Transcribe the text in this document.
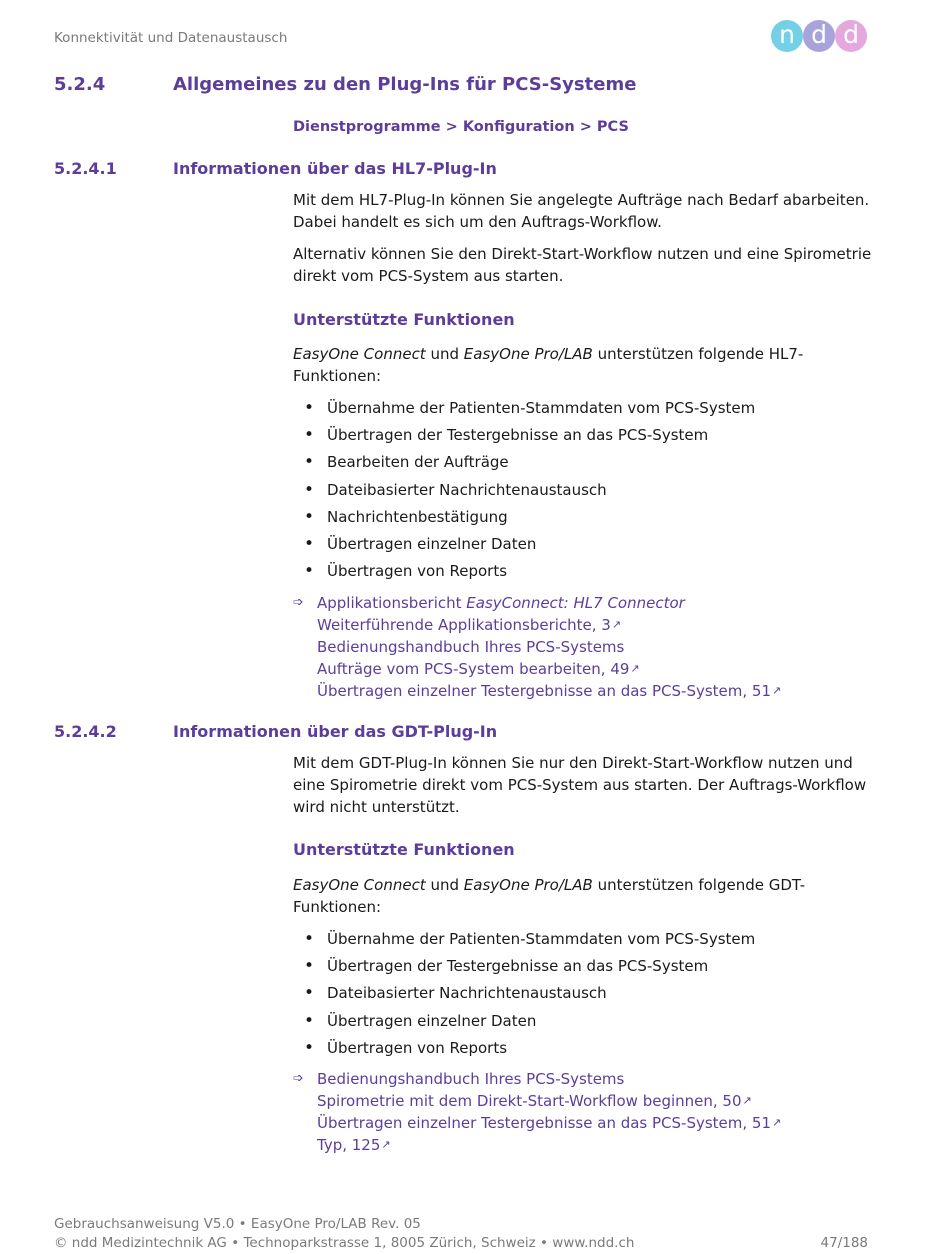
Konnektivität und Datenaustausch	n d d
5.2.4	Allgemeines zu den Plug-Ins für PCS-Systeme
Dienstprogramme > Konfiguration > PCS
5.2.4.1	Informationen über das HL7-Plug-In

Mit dem HL7-Plug-In können Sie angelegte Aufträge nach Bedarf abarbeiten. Dabei handelt es sich um den Auftrags-Workflow.

Alternativ können Sie den Direkt-Start-Workflow nutzen und eine Spirometrie direkt vom PCS-System aus starten.

Unterstützte Funktionen

EasyOne Connect und EasyOne Pro/LAB unterstützen folgende HL7-Funktionen:

• Übernahme der Patienten-Stammdaten vom PCS-System
• Übertragen der Testergebnisse an das PCS-System
• Bearbeiten der Aufträge
• Dateibasierter Nachrichtenaustausch
• Nachrichtenbestätigung
• Übertragen einzelner Daten
• Übertragen von Reports
➩ Applikationsbericht EasyConnect: HL7 Connector
Weiterführende Applikationsberichte, 3↗
Bedienungshandbuch Ihres PCS-Systems
Aufträge vom PCS-System bearbeiten, 49↗
Übertragen einzelner Testergebnisse an das PCS-System, 51↗
5.2.4.2	Informationen über das GDT-Plug-In

Mit dem GDT-Plug-In können Sie nur den Direkt-Start-Workflow nutzen und eine Spirometrie direkt vom PCS-System aus starten. Der Auftrags-Workflow wird nicht unterstützt.

Unterstützte Funktionen

EasyOne Connect und EasyOne Pro/LAB unterstützen folgende GDT-Funktionen:

• Übernahme der Patienten-Stammdaten vom PCS-System
• Übertragen der Testergebnisse an das PCS-System
• Dateibasierter Nachrichtenaustausch
• Übertragen einzelner Daten
• Übertragen von Reports
➩ Bedienungshandbuch Ihres PCS-Systems
Spirometrie mit dem Direkt-Start-Workflow beginnen, 50↗
Übertragen einzelner Testergebnisse an das PCS-System, 51↗
Typ, 125↗
Gebrauchsanweisung V5.0 • EasyOne Pro/LAB Rev. 05
© ndd Medizintechnik AG • Technoparkstrasse 1, 8005 Zürich, Schweiz • www.ndd.ch	47/188
